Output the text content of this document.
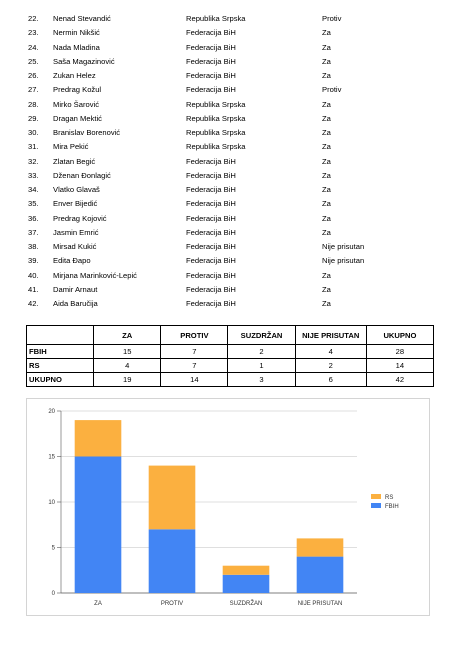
22. Nenad Stevandić	Republika Srpska	Protiv
23. Nermin Nikšić	Federacija BiH	Za
24. Nada Mladina	Federacija BiH	Za
25. Saša Magazinović	Federacija BiH	Za
26. Zukan Helez	Federacija BiH	Za
27. Predrag Kožul	Federacija BiH	Protiv
28. Mirko Šarović	Republika Srpska	Za
29. Dragan Mektić	Republika Srpska	Za
30. Branislav Borenović	Republika Srpska	Za
31. Mira Pekić	Republika Srpska	Za
32. Zlatan Begić	Federacija BiH	Za
33. Dženan Đonlagić	Federacija BiH	Za
34. Vlatko Glavaš	Federacija BiH	Za
35. Enver Bijedić	Federacija BiH	Za
36. Predrag Kojović	Federacija BiH	Za
37. Jasmin Emrić	Federacija BiH	Za
38. Mirsad Kukić	Federacija BiH	Nije prisutan
39. Edita Đapo	Federacija BiH	Nije prisutan
40. Mirjana Marinković-Lepić	Federacija BiH	Za
41. Damir Arnaut	Federacija BiH	Za
42. Aida Baručija	Federacija BiH	Za
	ZA	PROTIV	SUZDRŽAN	NIJE PRISUTAN	UKUPNO
FBIH	15	7	2	4	28
RS	4	7	1	2	14
UKUPNO	19	14	3	6	42
0
5
10
15
20
ZA	PROTIV	SUZDRŽAN	NIJE PRISUTAN
RS
FBIH
